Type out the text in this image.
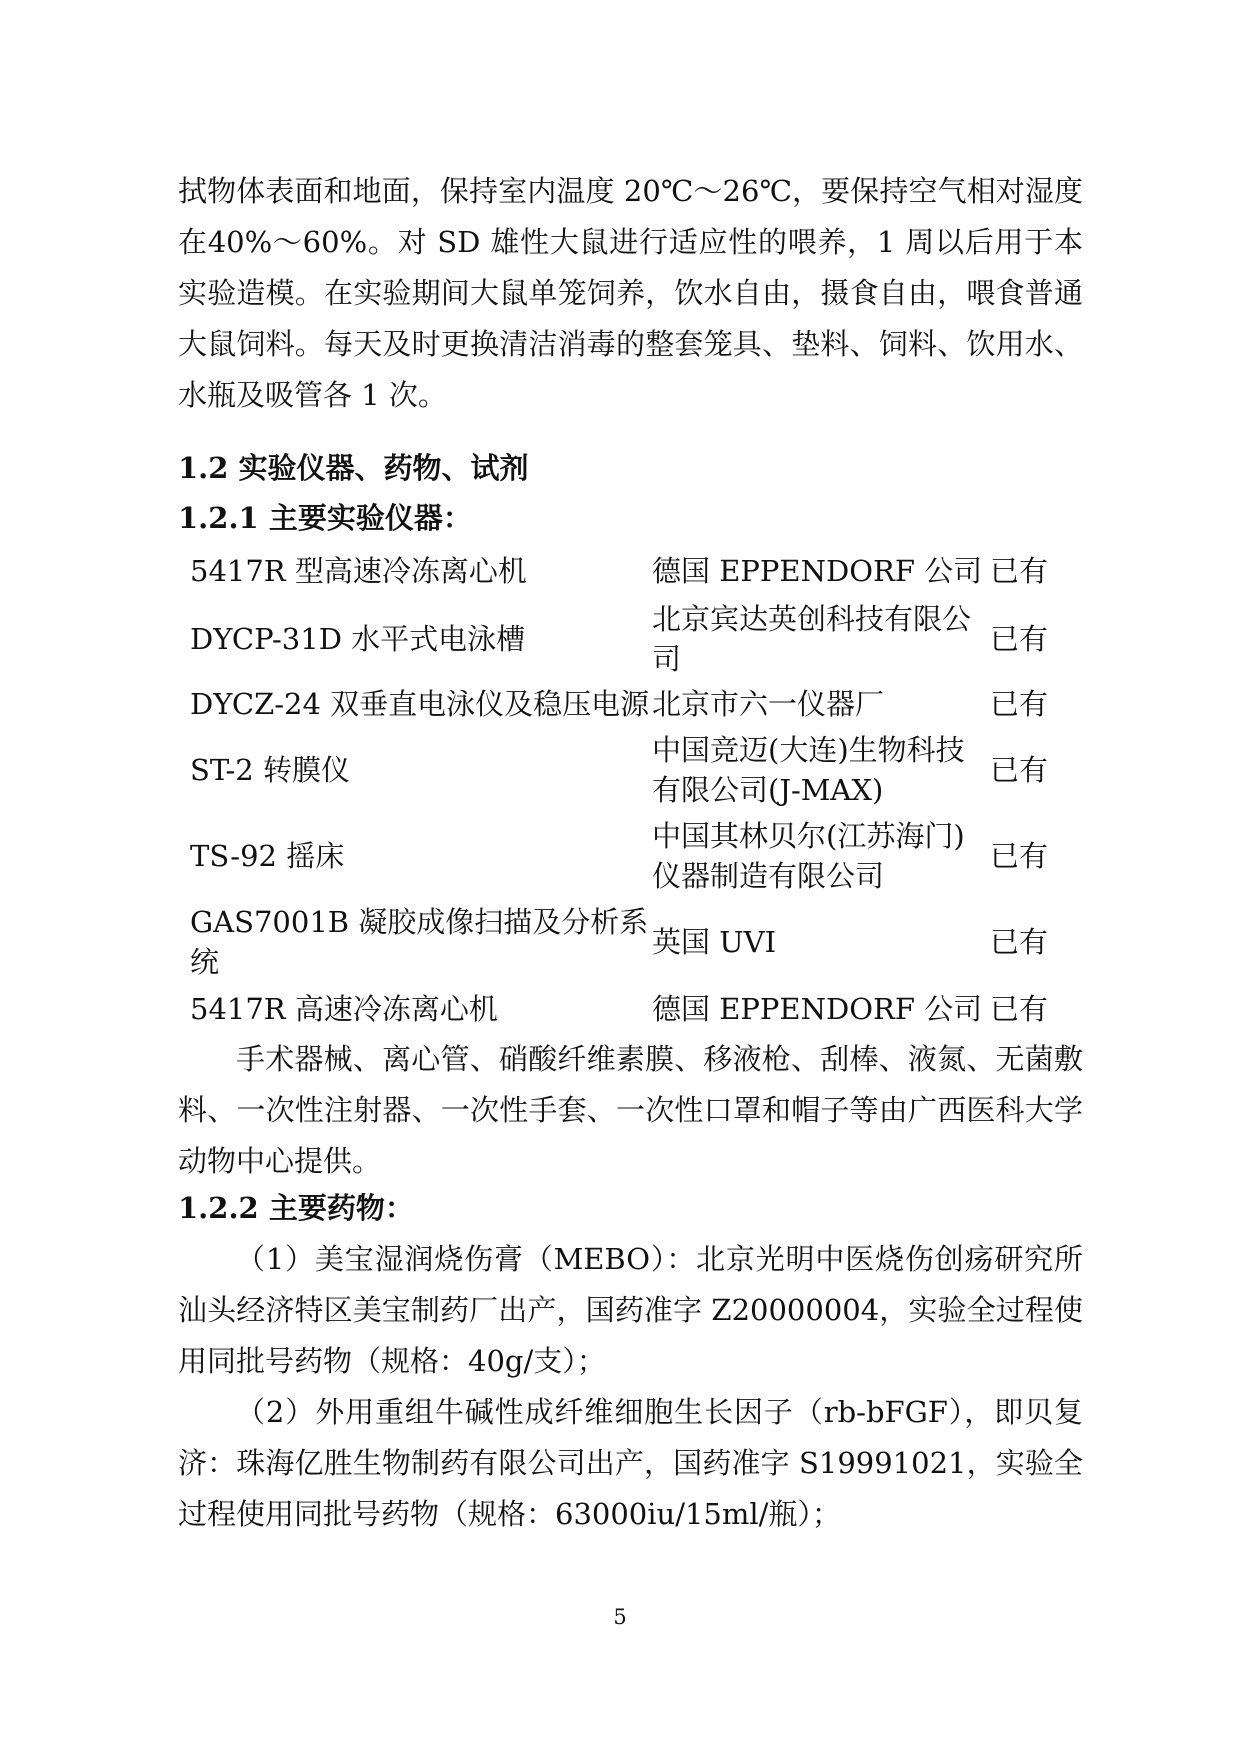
拭物体表面和地面，保持室内温度 20℃～26℃，要保持空气相对湿度在40%～60%。对 SD 雄性大鼠进行适应性的喂养，1 周以后用于本实验造模。在实验期间大鼠单笼饲养，饮水自由，摄食自由，喂食普通大鼠饲料。每天及时更换清洁消毒的整套笼具、垫料、饲料、饮用水、水瓶及吸管各 1 次。

1.2 实验仪器、药物、试剂
1.2.1 主要实验仪器：
5417R 型高速冷冻离心机	德国 EPPENDORF 公司	已有
DYCP-31D 水平式电泳槽	北京宾达英创科技有限公司	已有
DYCZ-24 双垂直电泳仪及稳压电源	北京市六一仪器厂	已有
ST-2 转膜仪	中国竞迈(大连)生物科技有限公司(J-MAX)	已有
TS-92 摇床	中国其林贝尔(江苏海门)仪器制造有限公司	已有
GAS7001B 凝胶成像扫描及分析系统	英国 UVI	已有
5417R 高速冷冻离心机	德国 EPPENDORF 公司	已有

手术器械、离心管、硝酸纤维素膜、移液枪、刮棒、液氮、无菌敷料、一次性注射器、一次性手套、一次性口罩和帽子等由广西医科大学动物中心提供。

1.2.2 主要药物：

（1）美宝湿润烧伤膏（MEBO）：北京光明中医烧伤创疡研究所汕头经济特区美宝制药厂出产，国药准字 Z20000004，实验全过程使用同批号药物（规格：40g/支）；

（2）外用重组牛碱性成纤维细胞生长因子（rb-bFGF），即贝复济：珠海亿胜生物制药有限公司出产，国药准字 S19991021，实验全过程使用同批号药物（规格：63000iu/15ml/瓶）；

5
